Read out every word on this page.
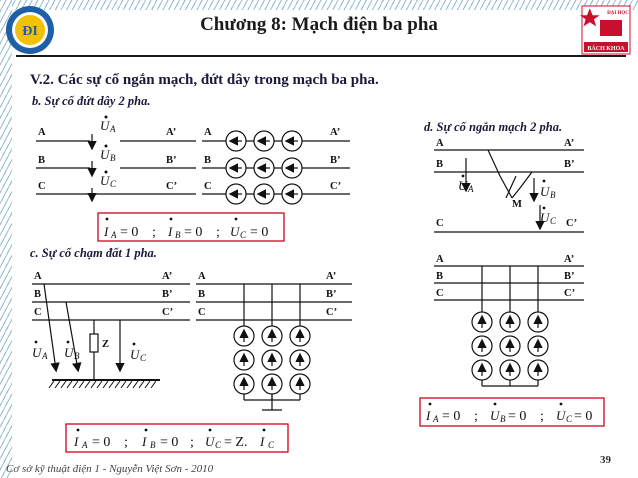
ĐI
ĐẠI HỌC
BÁCH KHOA
Chương 8: Mạch điện ba pha
V.2. Các sự cố ngắn mạch, đứt dây trong mạch ba pha.
b. Sự cố đứt dây 2 pha.
c. Sự cố chạm đất 1 pha.
d. Sự cố ngắn mạch 2 pha.
A
B
C
A’
B’
C’
U A
U B
U C
A
B
C
A’
B’
C’
I A = 0 ; I B = 0 ; U C = 0
A
B
C
A’
B’
C’
M
U A	U B
U C
A
B
C
A’
B’
C’
Z
U A U B	U C
A
B
C
A’
B’
C’
I A = 0 ; I B = 0 ; U C = Z. I C
A
B
C
A’
B’
C’
I A = 0 ; U B = 0 ; U C = 0
Cơ sở kỹ thuật điện 1 - Nguyễn Việt Sơn - 2010
39
